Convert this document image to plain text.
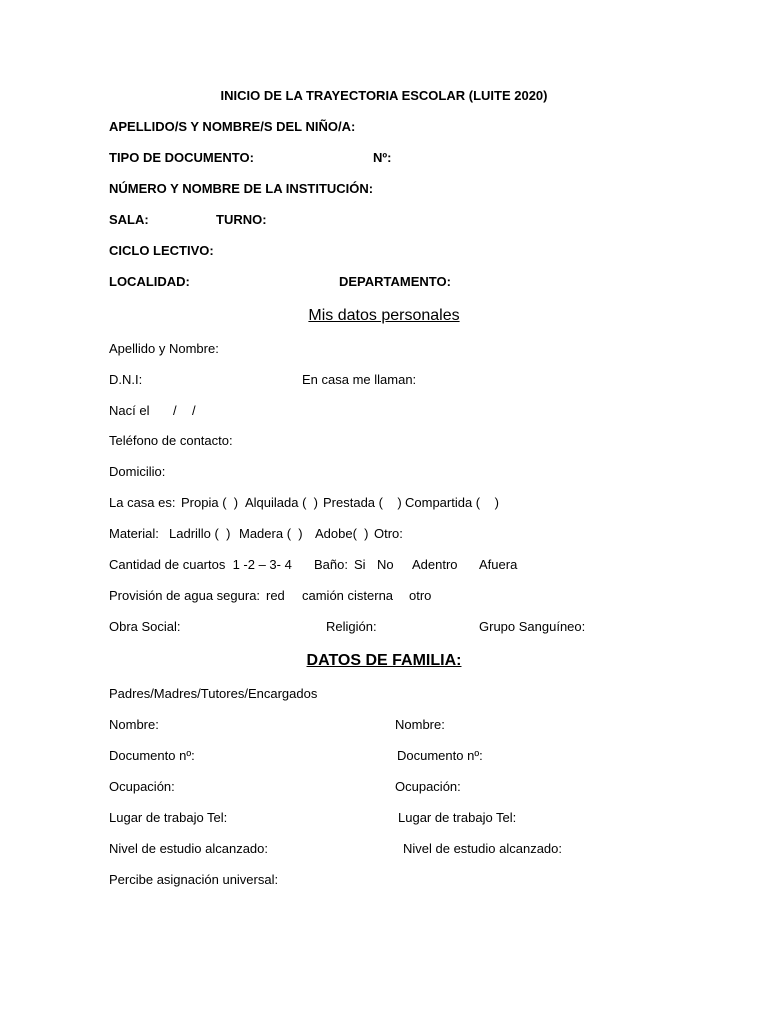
INICIO DE LA TRAYECTORIA ESCOLAR (LUITE 2020)
APELLIDO/S Y NOMBRE/S DEL NIÑO/A:
TIPO DE DOCUMENTO:	Nº:
NÚMERO Y NOMBRE DE LA INSTITUCIÓN:
SALA:	TURNO:
CICLO LECTIVO:
LOCALIDAD:	DEPARTAMENTO:
Mis datos personales
Apellido y Nombre:
D.N.I:	En casa me llaman:
Nací el / /
Teléfono de contacto:
Domicilio:
La casa es: Propia (  ) Alquilada (  ) Prestada (    ) Compartida (    )
Material: Ladrillo (  ) Madera (  ) Adobe(  ) Otro:
Cantidad de cuartos  1 -2 – 3- 4 Baño: Si No Adentro Afuera
Provisión de agua segura: red camión cisterna otro
Obra Social:	Religión:	Grupo Sanguíneo:
DATOS DE FAMILIA:
Padres/Madres/Tutores/Encargados
Nombre:	Nombre:
Documento nº:	Documento nº:
Ocupación:	Ocupación:
Lugar de trabajo Tel:	Lugar de trabajo Tel:
Nivel de estudio alcanzado:	Nivel de estudio alcanzado:
Percibe asignación universal:
